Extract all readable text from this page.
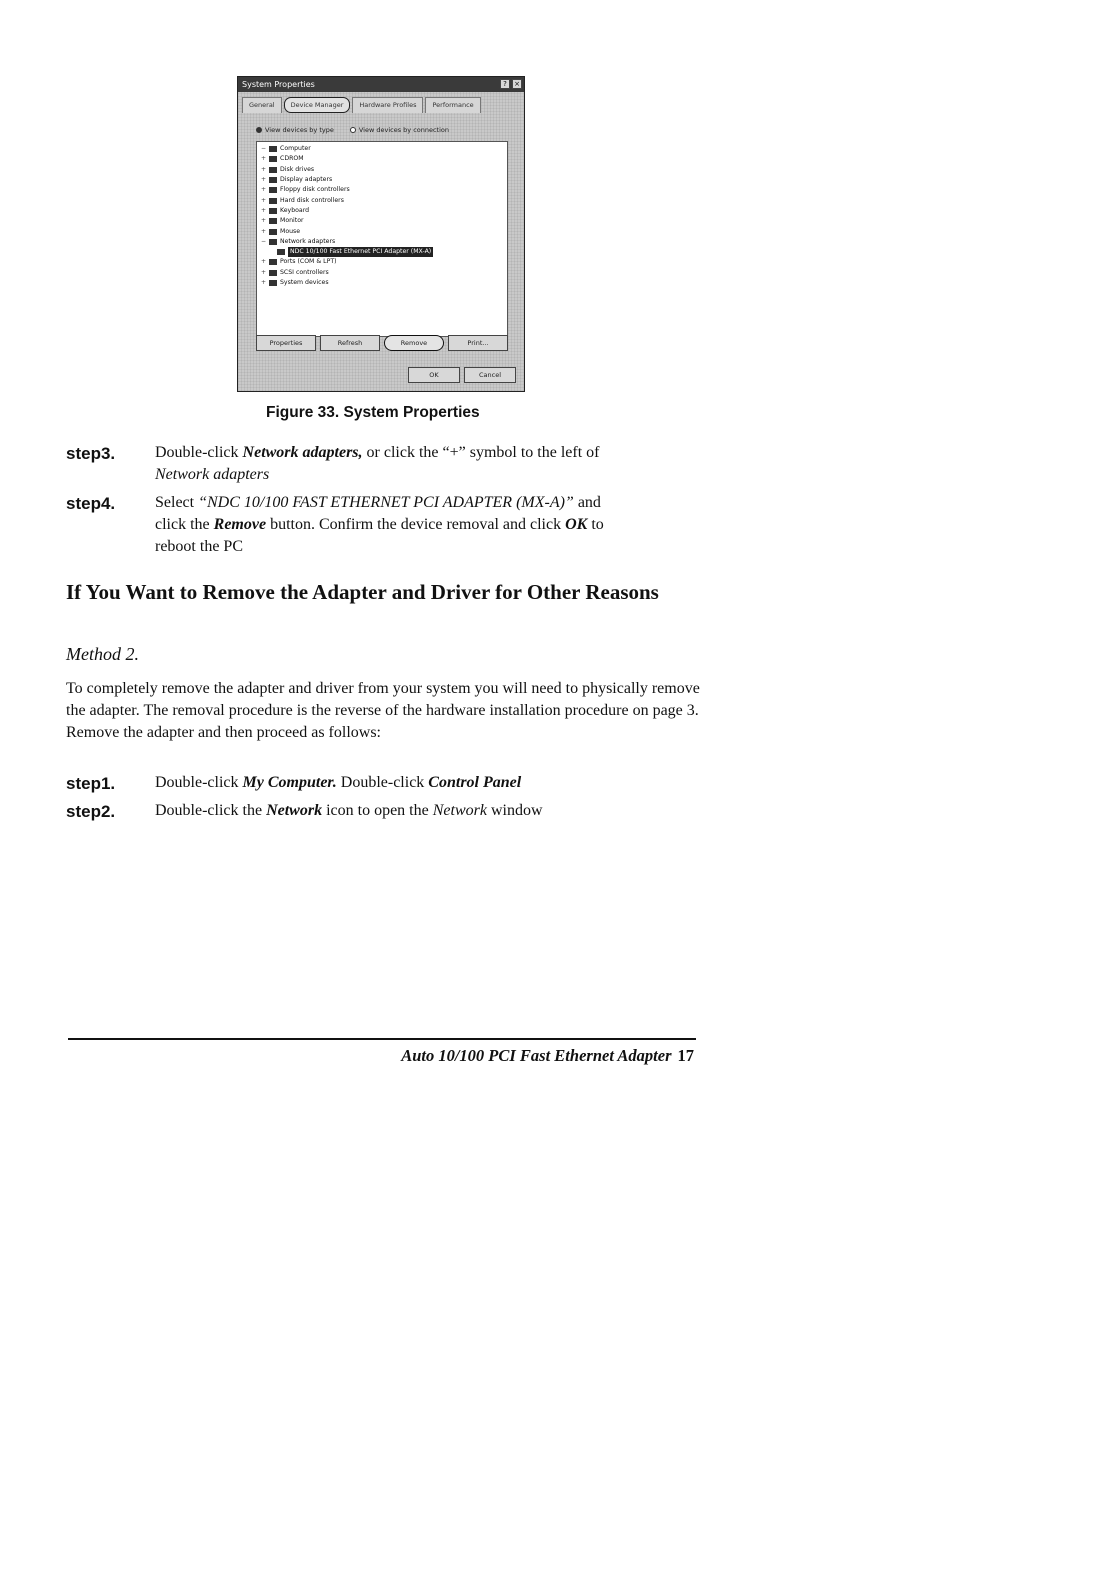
System Properties	?	×
General	Device Manager	Hardware Profiles	Performance
View devices by type	View devices by connection
−	Computer
+	CDROM
+	Disk drives
+	Display adapters
+	Floppy disk controllers
+	Hard disk controllers
+	Keyboard
+	Monitor
+	Mouse
−	Network adapters
NDC 10/100 Fast Ethernet PCI Adapter (MX-A)
+	Ports (COM & LPT)
+	SCSI controllers
+	System devices
Properties	Refresh	Remove	Print...
OK	Cancel
Figure 33. System Properties
step3. Double-click Network adapters, or click the “+” symbol to the left of
Network adapters
step4. Select “NDC 10/100 FAST ETHERNET PCI ADAPTER (MX-A)” and
click the Remove button. Confirm the device removal and click OK to
reboot the PC
If You Want to Remove the Adapter and Driver for Other Reasons
Method 2.
To completely remove the adapter and driver from your system you will need to physically remove the adapter. The removal procedure is the reverse of the hardware installation procedure on page 3. Remove the adapter and then proceed as follows:
step1. Double-click My Computer. Double-click Control Panel
step2. Double-click the Network icon to open the Network window
Auto 10/100 PCI Fast Ethernet Adapter 17
